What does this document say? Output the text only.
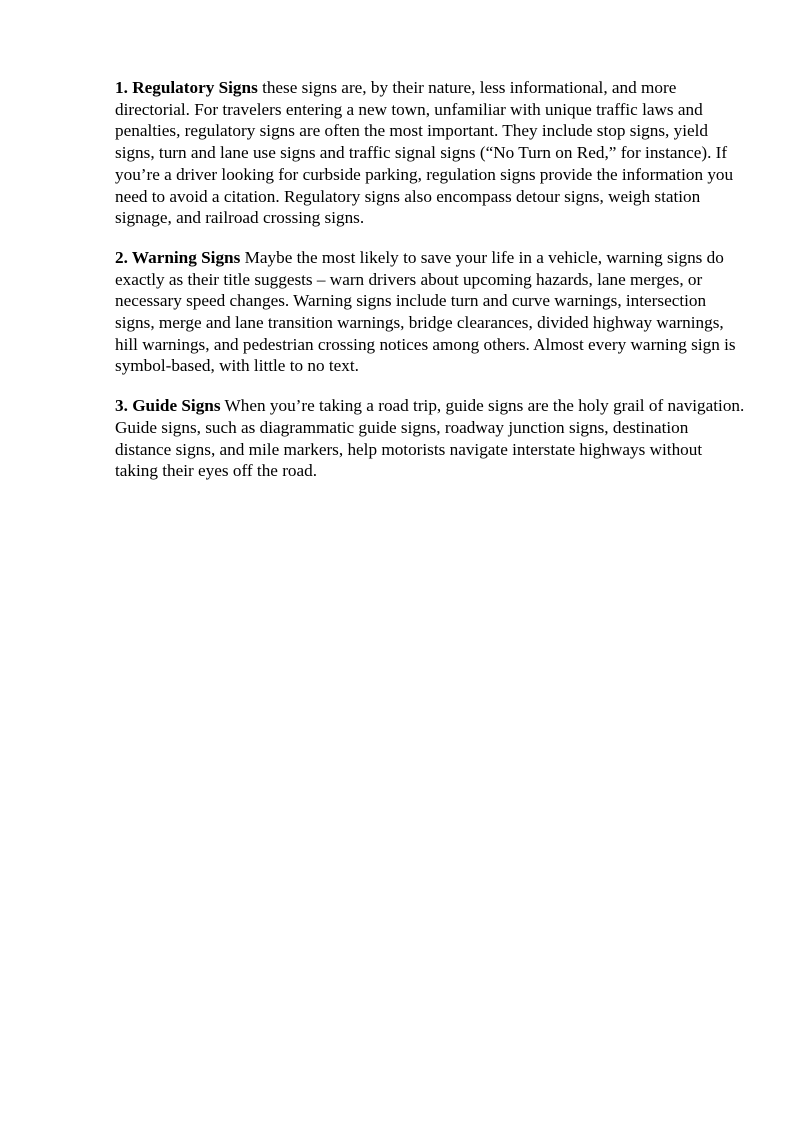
1. Regulatory Signs these signs are, by their nature, less informational, and more directorial. For travelers entering a new town, unfamiliar with unique traffic laws and penalties, regulatory signs are often the most important. They include stop signs, yield signs, turn and lane use signs and traffic signal signs (“No Turn on Red,” for instance). If you’re a driver looking for curbside parking, regulation signs provide the information you need to avoid a citation. Regulatory signs also encompass detour signs, weigh station signage, and railroad crossing signs.

2. Warning Signs Maybe the most likely to save your life in a vehicle, warning signs do exactly as their title suggests – warn drivers about upcoming hazards, lane merges, or necessary speed changes. Warning signs include turn and curve warnings, intersection signs, merge and lane transition warnings, bridge clearances, divided highway warnings, hill warnings, and pedestrian crossing notices among others. Almost every warning sign is symbol-based, with little to no text.

3. Guide Signs When you’re taking a road trip, guide signs are the holy grail of navigation. Guide signs, such as diagrammatic guide signs, roadway junction signs, destination distance signs, and mile markers, help motorists navigate interstate highways without taking their eyes off the road.
